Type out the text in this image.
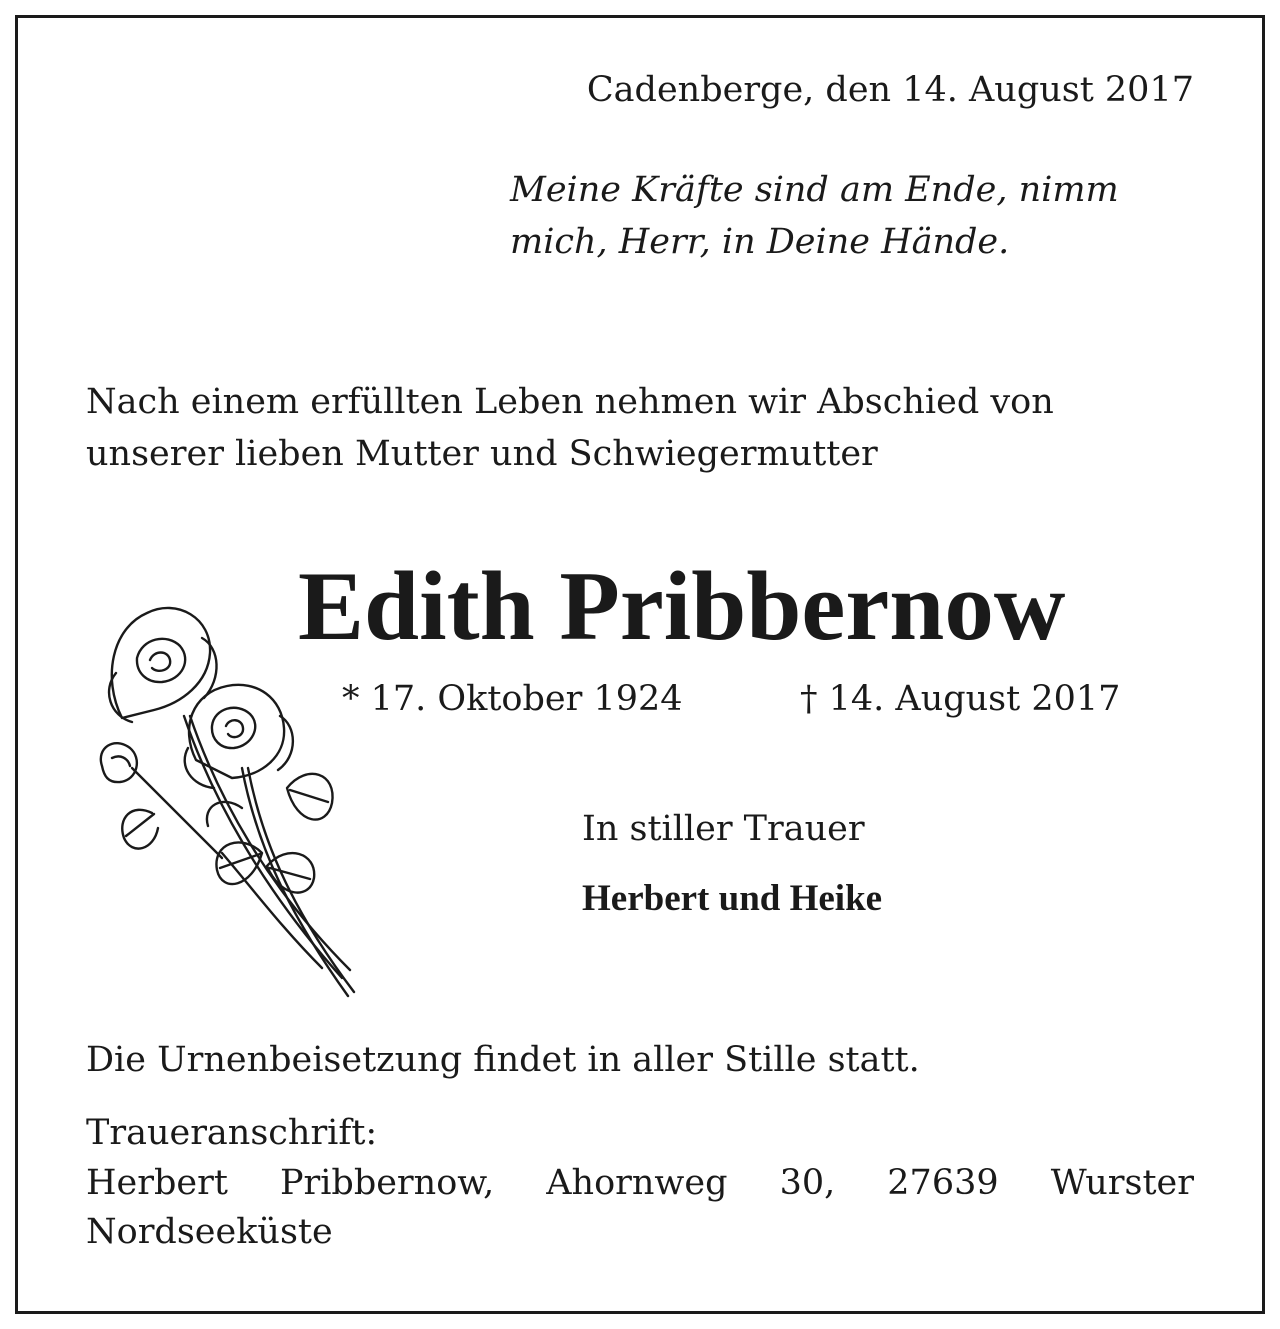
Cadenberge, den 14. August 2017
Meine Kräfte sind am Ende, nimm
mich, Herr, in Deine Hände.
Nach einem erfüllten Leben nehmen wir Abschied von
unserer lieben Mutter und Schwiegermutter
Edith Pribbernow
* 17. Oktober 1924	† 14. August 2017
In stiller Trauer
Herbert und Heike
Die Urnenbeisetzung findet in aller Stille statt.
Traueranschrift:
Herbert Pribbernow, Ahornweg 30, 27639 Wurster
Nordseeküste
